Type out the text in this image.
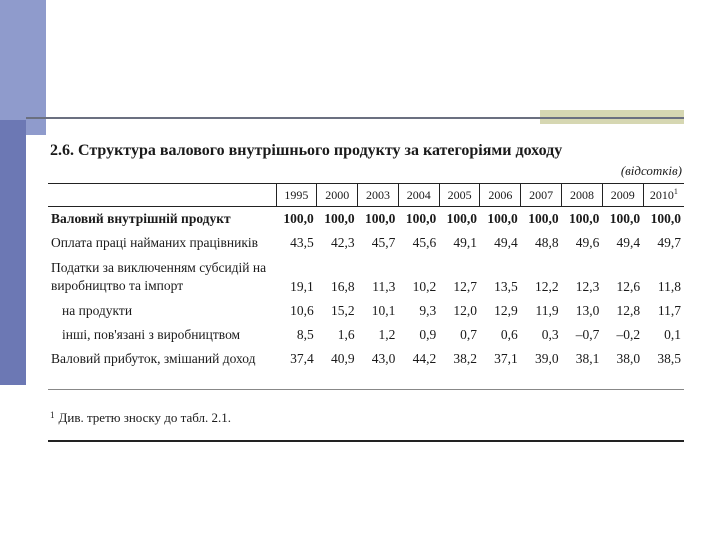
2.6. Структура валового внутрішнього продукту за категоріями доходу
(відсотків)
	1995	2000	2003	2004	2005	2006	2007	2008	2009	2010$^1$
Валовий внутрішній продукт	100,0	100,0	100,0	100,0	100,0	100,0	100,0	100,0	100,0	100,0
Оплата праці найманих працівників	43,5	42,3	45,7	45,6	49,1	49,4	48,8	49,6	49,4	49,7
Податки за виключенням субсидій на виробництво та імпорт	19,1	16,8	11,3	10,2	12,7	13,5	12,2	12,3	12,6	11,8
на продукти	10,6	15,2	10,1	9,3	12,0	12,9	11,9	13,0	12,8	11,7
інші, пов'язані з виробництвом	8,5	1,6	1,2	0,9	0,7	0,6	0,3	–0,7	–0,2	0,1
Валовий прибуток, змішаний доход	37,4	40,9	43,0	44,2	38,2	37,1	39,0	38,1	38,0	38,5
$^1$ Див. третю зноску до табл. 2.1.
